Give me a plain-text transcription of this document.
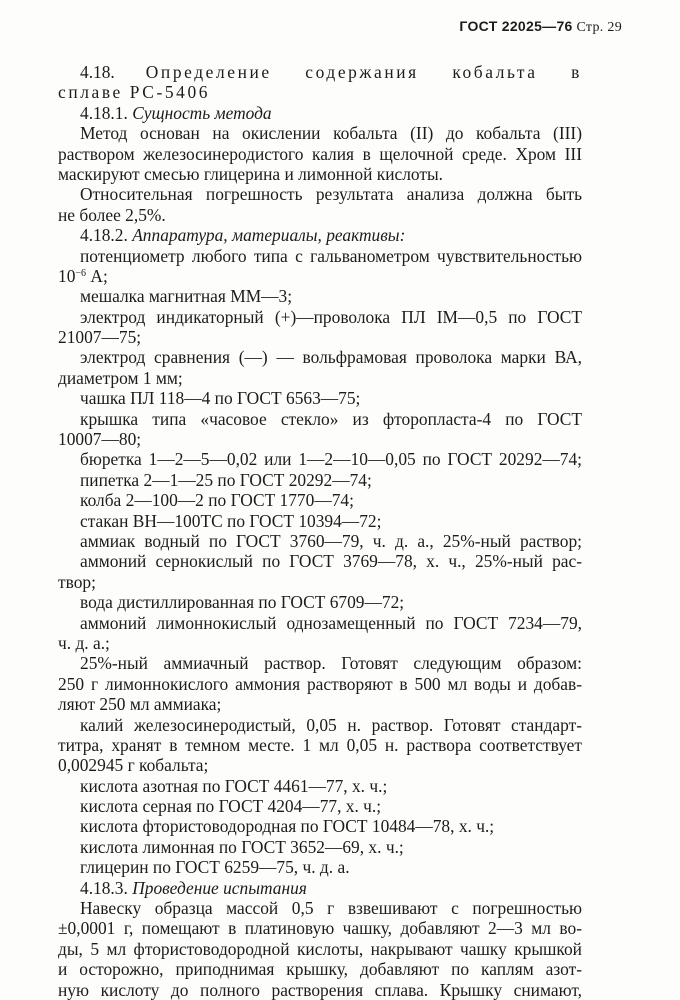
ГОСТ 22025—76 Стр. 29
4.18. Определение содержания кобальта в
сплаве РС-5406
4.18.1. Сущность метода
Метод основан на окислении кобальта (II) до кобальта (III)
раствором железосинеродистого калия в щелочной среде. Хром III
маскируют смесью глицерина и лимонной кислоты.
Относительная погрешность результата анализа должна быть
не более 2,5%.
4.18.2. Аппаратура, материалы, реактивы:
потенциометр любого типа с гальванометром чувствительностью
$10^{-6}$ А;
мешалка магнитная ММ—3;
электрод индикаторный (+)—проволока ПЛ IМ—0,5 по ГОСТ
21007—75;
электрод сравнения (—) — вольфрамовая проволока марки ВА,
диаметром 1 мм;
чашка ПЛ 118—4 по ГОСТ 6563—75;
крышка типа «часовое стекло» из фторопласта-4 по ГОСТ
10007—80;
бюретка 1—2—5—0,02 или 1—2—10—0,05 по ГОСТ 20292—74;
пипетка 2—1—25 по ГОСТ 20292—74;
колба 2—100—2 по ГОСТ 1770—74;
стакан ВН—100ТС по ГОСТ 10394—72;
аммиак водный по ГОСТ 3760—79, ч. д. а., 25%-ный раствор;
аммоний сернокислый по ГОСТ 3769—78, х. ч., 25%-ный рас-
твор;
вода дистиллированная по ГОСТ 6709—72;
аммоний лимоннокислый однозамещенный по ГОСТ 7234—79,
ч. д. а.;
25%-ный аммиачный раствор. Готовят следующим образом:
250 г лимоннокислого аммония растворяют в 500 мл воды и добав-
ляют 250 мл аммиака;
калий железосинеродистый, 0,05 н. раствор. Готовят стандарт-
титра, хранят в темном месте. 1 мл 0,05 н. раствора соответствует
0,002945 г кобальта;
кислота азотная по ГОСТ 4461—77, х. ч.;
кислота серная по ГОСТ 4204—77, х. ч.;
кислота фтористоводородная по ГОСТ 10484—78, х. ч.;
кислота лимонная по ГОСТ 3652—69, х. ч.;
глицерин по ГОСТ 6259—75, ч. д. а.
4.18.3. Проведение испытания
Навеску образца массой 0,5 г взвешивают с погрешностью
±0,0001 г, помещают в платиновую чашку, добавляют 2—3 мл во-
ды, 5 мл фтористоводородной кислоты, накрывают чашку крышкой
и осторожно, приподнимая крышку, добавляют по каплям азот-
ную кислоту до полного растворения сплава. Крышку снимают,
